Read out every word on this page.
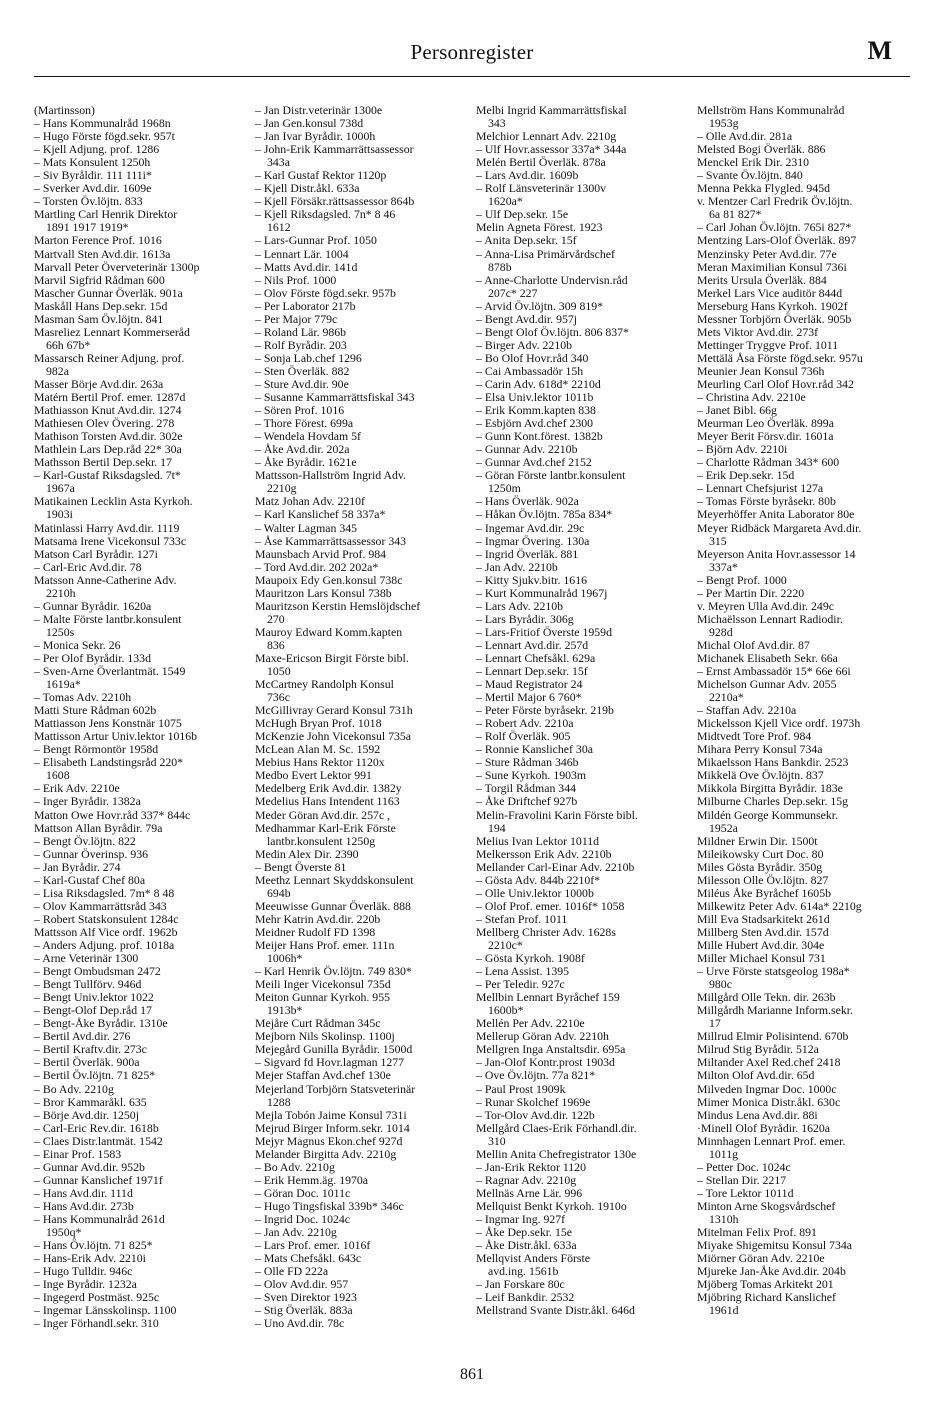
Personregister	M
(Martinsson)
– Hans Kommunalråd 1968n
– Hugo Förste fögd.sekr. 957t
– Kjell Adjung. prof. 1286
– Mats Konsulent 1250h
– Siv Byråldir. 111 111i*
– Sverker Avd.dir. 1609e
– Torsten Öv.löjtn. 833
Martling Carl Henrik Direktor
1891 1917 1919*
Marton Ference Prof. 1016
Martvall Sten Avd.dir. 1613a
Marvall Peter Överveterinär 1300p
Marvil Sigfrid Rådman 600
Mascher Gunnar Överläk. 901a
Maskåll Hans Dep.sekr. 15d
Masman Sam Öv.löjtn. 841
Masreliez Lennart Kommerseråd
66h 67b*
Massarsch Reiner Adjung. prof.
982a
Masser Börje Avd.dir. 263a
Matérn Bertil Prof. emer. 1287d
Mathiasson Knut Avd.dir. 1274
Mathiesen Olev Övering. 278
Mathison Torsten Avd.dir. 302e
Mathlein Lars Dep.råd 22* 30a
Mathsson Bertil Dep.sekr. 17
– Karl-Gustaf Riksdagsled. 7t*
1967a
Matikainen Lecklin Asta Kyrkoh.
1903i
Matinlassi Harry Avd.dir. 1119
Matsama Irene Vicekonsul 733c
Matson Carl Byrådir. 127i
– Carl-Eric Avd.dir. 78
Matsson Anne-Catherine Adv.
2210h
– Gunnar Byrådir. 1620a
– Malte Förste lantbr.konsulent
1250s
– Monica Sekr. 26
– Per Olof Byrådir. 133d
– Sven-Arne Överlantmät. 1549
1619a*
– Tomas Adv. 2210h
Matti Sture Rådman 602b
Mattiasson Jens Konstnär 1075
Mattisson Artur Univ.lektor 1016b
– Bengt Rörmontör 1958d
– Elisabeth Landstingsråd 220*
1608
– Erik Adv. 2210e
– Inger Byrådir. 1382a
Matton Owe Hovr.råd 337* 844c
Mattson Allan Byrådir. 79a
– Bengt Öv.löjtn. 822
– Gunnar Överinsp. 936
– Jan Byrådir. 274
– Karl-Gustaf Chef 80a
– Lisa Riksdagsled. 7m* 8 48
– Olov Kammarrättsråd 343
– Robert Statskonsulent 1284c
Mattsson Alf Vice ordf. 1962b
– Anders Adjung. prof. 1018a
– Arne Veterinär 1300
– Bengt Ombudsman 2472
– Bengt Tullförv. 946d
– Bengt Univ.lektor 1022
– Bengt-Olof Dep.råd 17
– Bengt-Åke Byrådir. 1310e
– Bertil Avd.dir. 276
– Bertil Kraftv.dir. 273c
– Bertil Överläk. 900a
– Bertil Öv.löjtn. 71 825*
– Bo Adv. 2210g
– Bror Kammaråkl. 635
– Börje Avd.dir. 1250j
– Carl-Eric Rev.dir. 1618b
– Claes Distr.lantmät. 1542
– Einar Prof. 1583
– Gunnar Avd.dir. 952b
– Gunnar Kanslichef 1971f
– Hans Avd.dir. 111d
– Hans Avd.dir. 273b
– Hans Kommunalråd 261d
1950q*
– Hans Öv.löjtn. 71 825*
– Hans-Erik Adv. 2210i
– Hugo Tulldir. 946c
– Inge Byrådir. 1232a
– Ingegerd Postmäst. 925c
– Ingemar Länsskolinsp. 1100
– Inger Förhandl.sekr. 310
– Jan Distr.veterinär 1300e
– Jan Gen.konsul 738d
– Jan Ivar Byrådir. 1000h
– John-Erik Kammarrättsassessor
343a
– Karl Gustaf Rektor 1120p
– Kjell Distr.åkl. 633a
– Kjell Försäkr.rättsassessor 864b
– Kjell Riksdagsled. 7n* 8 46
1612
– Lars-Gunnar Prof. 1050
– Lennart Lär. 1004
– Matts Avd.dir. 141d
– Nils Prof. 1000
– Olov Förste fögd.sekr. 957b
– Per Laborator 217b
– Per Major 779c
– Roland Lär. 986b
– Rolf Byrådir. 203
– Sonja Lab.chef 1296
– Sten Överläk. 882
– Sture Avd.dir. 90e
– Susanne Kammarrättsfiskal 343
– Sören Prof. 1016
– Thore Förest. 699a
– Wendela Hovdam 5f
– Åke Avd.dir. 202a
– Åke Byrådir. 1621e
Mattsson-Hallström Ingrid Adv.
2210g
Matz Johan Adv. 2210f
– Karl Kanslichef 58 337a*
– Walter Lagman 345
– Åse Kammarrättsassessor 343
Maunsbach Arvid Prof. 984
– Tord Avd.dir. 202 202a*
Maupoix Edy Gen.konsul 738c
Mauritzon Lars Konsul 738b
Mauritzson Kerstin Hemslöjdschef
270
Mauroy Edward Komm.kapten
836
Maxe-Ericson Birgit Förste bibl.
1050
McCartney Randolph Konsul
736c
McGillivray Gerard Konsul 731h
McHugh Bryan Prof. 1018
McKenzie John Vicekonsul 735a
McLean Alan M. Sc. 1592
Mebius Hans Rektor 1120x
Medbo Evert Lektor 991
Medelberg Erik Avd.dir. 1382y
Medelius Hans Intendent 1163
Meder Göran Avd.dir. 257c ,
Medhammar Karl-Erik Förste
lantbr.konsulent 1250g
Medin Alex Dir. 2390
– Bengt Överste 81
Meethz Lennart Skyddskonsulent
694b
Meeuwisse Gunnar Överläk. 888
Mehr Katrin Avd.dir. 220b
Meidner Rudolf FD 1398
Meijer Hans Prof. emer. 111n
1006h*
– Karl Henrik Öv.löjtn. 749 830*
Meili Inger Vicekonsul 735d
Meiton Gunnar Kyrkoh. 955
1913b*
Mejåre Curt Rådman 345c
Mejborn Nils Skolinsp. 1100j
Mejegård Gunilla Byrådir. 1500d
– Sigvard fd Hovr.lagman 1277
Mejer Staffan Avd.chef 130e
Mejerland Torbjörn Statsveterinär
1288
Mejla Tobón Jaime Konsul 731i
Mejrud Birger Inform.sekr. 1014
Mejyr Magnus Ekon.chef 927d
Melander Birgitta Adv. 2210g
– Bo Adv. 2210g
– Erik Hemm.äg. 1970a
– Göran Doc. 1011c
– Hugo Tingsfiskal 339b* 346c
– Ingrid Doc. 1024c
– Jan Adv. 2210g
– Lars Prof. emer. 1016f
– Mats Chefsåkl. 643c
– Olle FD 222a
– Olov Avd.dir. 957
– Sven Direktor 1923
– Stig Överläk. 883a
– Uno Avd.dir. 78c
Melbi Ingrid Kammarrättsfiskal
343
Melchior Lennart Adv. 2210g
– Ulf Hovr.assessor 337a* 344a
Melén Bertil Överläk. 878a
– Lars Avd.dir. 1609b
– Rolf Länsveterinär 1300v
1620a*
– Ulf Dep.sekr. 15e
Melin Agneta Förest. 1923
– Anita Dep.sekr. 15f
– Anna-Lisa Primärvårdschef
878b
– Anne-Charlotte Undervisn.råd
207c* 227
– Arvid Öv.löjtn. 309 819*
– Bengt Avd.dir. 957j
– Bengt Olof Öv.löjtn. 806 837*
– Birger Adv. 2210b
– Bo Olof Hovr.råd 340
– Cai Ambassadör 15h
– Carin Adv. 618d* 2210d
– Elsa Univ.lektor 1011b
– Erik Komm.kapten 838
– Esbjörn Avd.chef 2300
– Gunn Kont.förest. 1382b
– Gunnar Adv. 2210b
– Gunnar Avd.chef 2152
– Göran Förste lantbr.konsulent
1250m
– Hans Överläk. 902a
– Håkan Öv.löjtn. 785a 834*
– Ingemar Avd.dir. 29c
– Ingmar Övering. 130a
– Ingrid Överläk. 881
– Jan Adv. 2210b
– Kitty Sjukv.bitr. 1616
– Kurt Kommunalråd 1967j
– Lars Adv. 2210b
– Lars Byrådir. 306g
– Lars-Fritiof Överste 1959d
– Lennart Avd.dir. 257d
– Lennart Chefsåkl. 629a
– Lennart Dep.sekr. 15f
– Maud Registrator 24
– Mertil Major 6 760*
– Peter Förste byråsekr. 219b
– Robert Adv. 2210a
– Rolf Överläk. 905
– Ronnie Kanslichef 30a
– Sture Rådman 346b
– Sune Kyrkoh. 1903m
– Torgil Rådman 344
– Åke Driftchef 927b
Melin-Fravolini Karin Förste bibl.
194
Melius Ivan Lektor 1011d
Melkersson Erik Adv. 2210b
Mellander Carl-Einar Adv. 2210b
– Gösta Adv. 844b 2210f*
– Olle Univ.lektor 1000b
– Olof Prof. emer. 1016f* 1058
– Stefan Prof. 1011
Mellberg Christer Adv. 1628s
2210c*
– Gösta Kyrkoh. 1908f
– Lena Assist. 1395
– Per Teledir. 927c
Mellbin Lennart Byråchef 159
1600b*
Mellén Per Adv. 2210e
Mellerup Göran Adv. 2210h
Mellgren Inga Anstaltsdir. 695a
– Jan-Olof Kontr.prost 1903d
– Ove Öv.löjtn. 77a 821*
– Paul Prost 1909k
– Runar Skolchef 1969e
– Tor-Olov Avd.dir. 122b
Mellgård Claes-Erik Förhandl.dir.
310
Mellin Anita Chefregistrator 130e
– Jan-Erik Rektor 1120
– Ragnar Adv. 2210g
Mellnäs Arne Lär. 996
Mellquist Benkt Kyrkoh. 1910o
– Ingmar Ing. 927f
– Åke Dep.sekr. 15e
– Åke Distr.åkl. 633a
Mellqvist Anders Förste
avd.ing. 1561b
– Jan Forskare 80c
– Leif Bankdir. 2532
Mellstrand Svante Distr.åkl. 646d
Mellström Hans Kommunalråd
1953g
– Olle Avd.dir. 281a
Melsted Bogi Överläk. 886
Menckel Erik Dir. 2310
– Svante Öv.löjtn. 840
Menna Pekka Flygled. 945d
v. Mentzer Carl Fredrik Öv.löjtn.
6a 81 827*
– Carl Johan Öv.löjtn. 765i 827*
Mentzing Lars-Olof Överläk. 897
Menzinsky Peter Avd.dir. 77e
Meran Maximilian Konsul 736i
Merits Ursula Överläk. 884
Merkel Lars Vice auditör 844d
Merseburg Hans Kyrkoh. 1902f
Messner Torbjörn Överläk. 905b
Mets Viktor Avd.dir. 273f
Mettinger Tryggve Prof. 1011
Mettälä Åsa Förste fögd.sekr. 957u
Meunier Jean Konsul 736h
Meurling Carl Olof Hovr.råd 342
– Christina Adv. 2210e
– Janet Bibl. 66g
Meurman Leo Överläk. 899a
Meyer Berit Försv.dir. 1601a
– Björn Adv. 2210i
– Charlotte Rådman 343* 600
– Erik Dep.sekr. 15d
– Lennart Chefsjurist 127a
– Tomas Förste byråsekr. 80b
Meyerhöffer Anita Laborator 80e
Meyer Ridbäck Margareta Avd.dir.
315
Meyerson Anita Hovr.assessor 14
337a*
– Bengt Prof. 1000
– Per Martin Dir. 2220
v. Meyren Ulla Avd.dir. 249c
Michaëlsson Lennart Radiodir.
928d
Michal Olof Avd.dir. 87
Michanek Elisabeth Sekr. 66a
– Ernst Ambassadör 15* 66e 66i
Michelson Gunnar Adv. 2055
2210a*
– Staffan Adv. 2210a
Mickelsson Kjell Vice ordf. 1973h
Midtvedt Tore Prof. 984
Mihara Perry Konsul 734a
Mikaelsson Hans Bankdir. 2523
Mikkelä Ove Öv.löjtn. 837
Mikkola Birgitta Byrådir. 183e
Milburne Charles Dep.sekr. 15g
Mildén George Kommunsekr.
1952a
Mildner Erwin Dir. 1500t
Mileikowsky Curt Doc. 80
Miles Gösta Byrådir. 350g
Milesson Olle Öv.löjtn. 827
Miléus Åke Byråchef 1605b
Milkewitz Peter Adv. 614a* 2210g
Mill Eva Stadsarkitekt 261d
Millberg Sten Avd.dir. 157d
Mille Hubert Avd.dir. 304e
Miller Michael Konsul 731
– Urve Förste statsgeolog 198a*
980c
Millgård Olle Tekn. dir. 263b
Millgårdh Marianne Inform.sekr.
17
Millrud Elmir Polisintend. 670b
Milrud Stig Byrådir. 512a
Miltander Axel Red.chef 2418
Milton Olof Avd.dir. 65d
Milveden Ingmar Doc. 1000c
Mimer Monica Distr.åkl. 630c
Mindus Lena Avd.dir. 88i
·Minell Olof Byrådir. 1620a
Minnhagen Lennart Prof. emer.
1011g
– Petter Doc. 1024c
– Stellan Dir. 2217
– Tore Lektor 1011d
Minton Arne Skogsvårdschef
1310h
Mitelman Felix Prof. 891
Miyake Shigemitsu Konsul 734a
Miörner Göran Adv. 2210e
Mjureke Jan-Åke Avd.dir. 204b
Mjöberg Tomas Arkitekt 201
Mjöbring Richard Kanslichef
1961d
861
